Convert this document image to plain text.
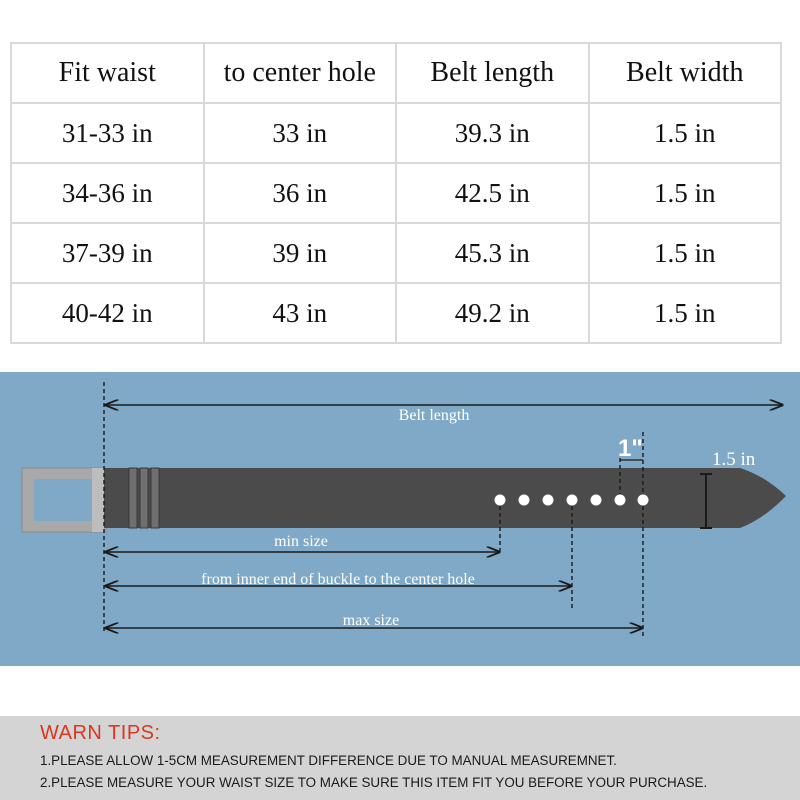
Fit waist	to center hole	Belt length	Belt width
31-33 in	33 in	39.3 in	1.5 in
34-36 in	36 in	42.5 in	1.5 in
37-39 in	39 in	45.3 in	1.5 in
40-42 in	43 in	49.2 in	1.5 in
Belt length
1"	1.5 in
min size
from inner end of buckle to the center hole
max size
WARN TIPS:
1.PLEASE ALLOW 1-5CM MEASUREMENT DIFFERENCE DUE TO MANUAL MEASUREMNET.
2.PLEASE MEASURE YOUR WAIST SIZE TO MAKE SURE THIS ITEM FIT YOU BEFORE YOUR PURCHASE.
